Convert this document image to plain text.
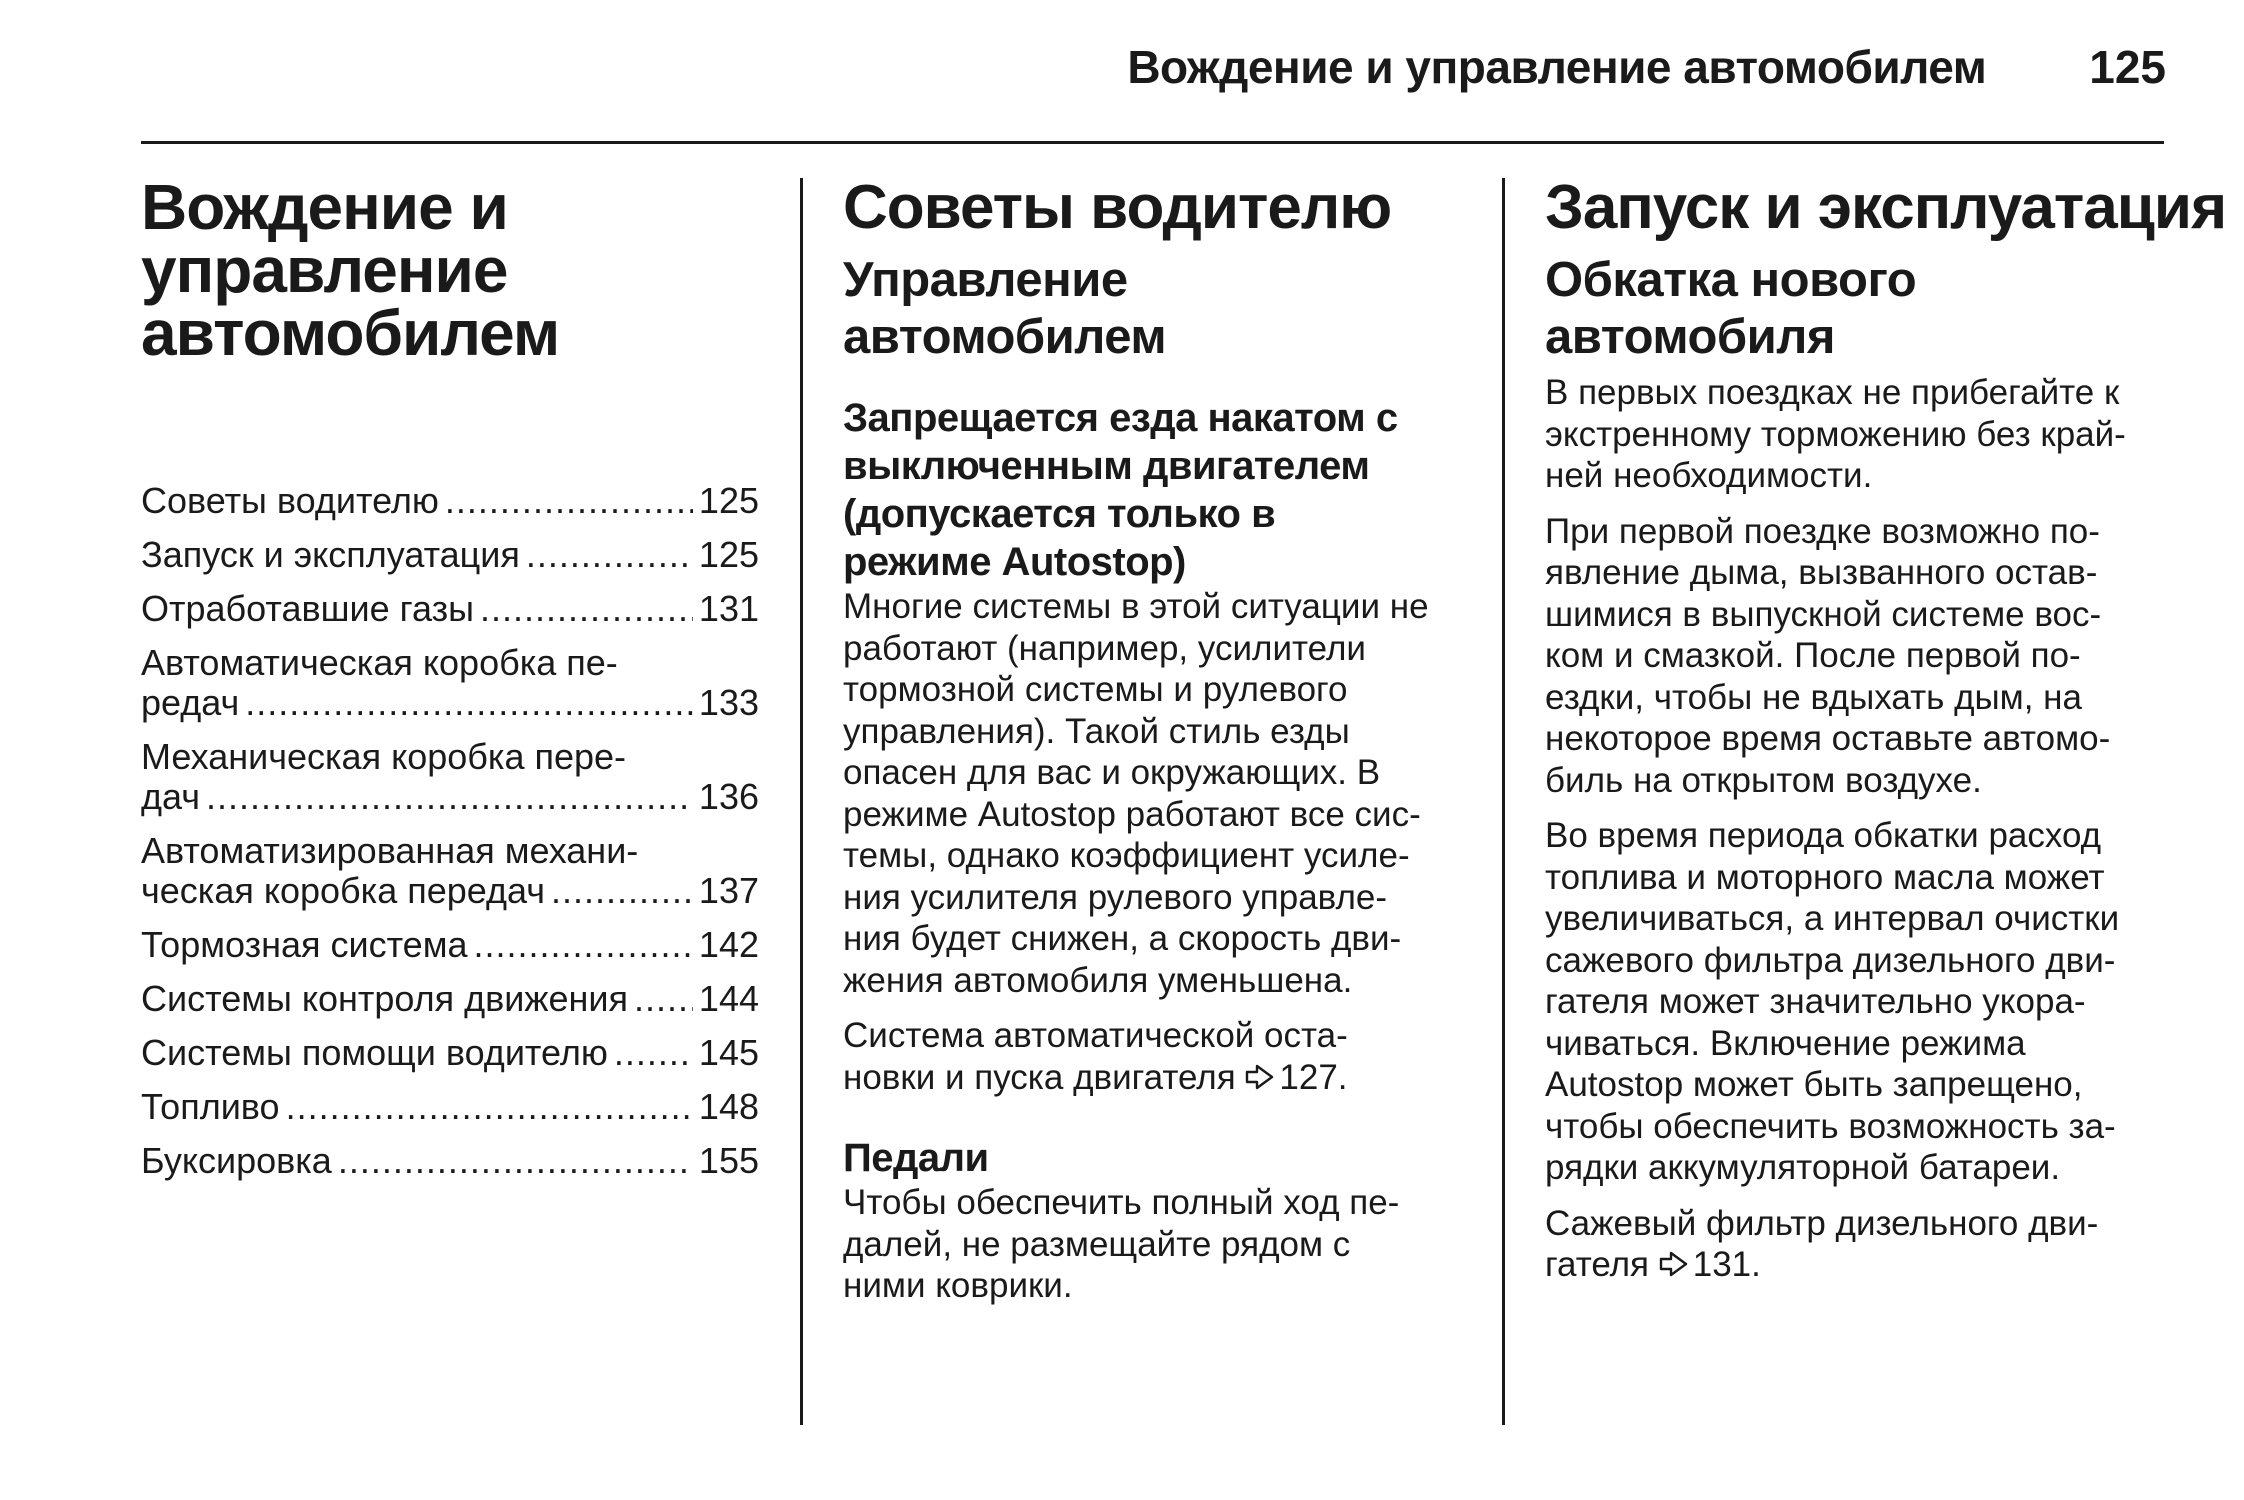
Вождение и управление автомобилем 125
Вождение и
управление
автомобилем
Советы водителю .....	125
Запуск и эксплуатация .....	125
Отработавшие газы .....	131
Автоматическая коробка пе-
редач .....	133
Механическая коробка пере-
дач .....	136
Автоматизированная механи-
ческая коробка передач .....	137
Тормозная система .....	142
Системы контроля движения ..... 144
Системы помощи водителю .....	145
Топливо .....	148
Буксировка .....	155
Советы водителю
Управление
автомобилем
Запрещается езда накатом с
выключенным двигателем
(допускается только в
режиме Autostop)

Многие системы в этой ситуации не
работают (например, усилители
тормозной системы и рулевого
управления). Такой стиль езды
опасен для вас и окружающих. В
режиме Autostop работают все сис-
темы, однако коэффициент усиле-
ния усилителя рулевого управле-
ния будет снижен, а скорость дви-
жения автомобиля уменьшена.

Система автоматической оста-
новки и пуска двигателя 127.

Педали

Чтобы обеспечить полный ход пе-
далей, не размещайте рядом с
ними коврики.

Запуск и эксплуатация
Обкатка нового
автомобиля

В первых поездках не прибегайте к
экстренному торможению без край-
ней необходимости.

При первой поездке возможно по-
явление дыма, вызванного остав-
шимися в выпускной системе вос-
ком и смазкой. После первой по-
ездки, чтобы не вдыхать дым, на
некоторое время оставьте автомо-
биль на открытом воздухе.

Во время периода обкатки расход
топлива и моторного масла может
увеличиваться, а интервал очистки
сажевого фильтра дизельного дви-
гателя может значительно укора-
чиваться. Включение режима
Autostop может быть запрещено,
чтобы обеспечить возможность за-
рядки аккумуляторной батареи.

Сажевый фильтр дизельного дви-
гателя 131.
